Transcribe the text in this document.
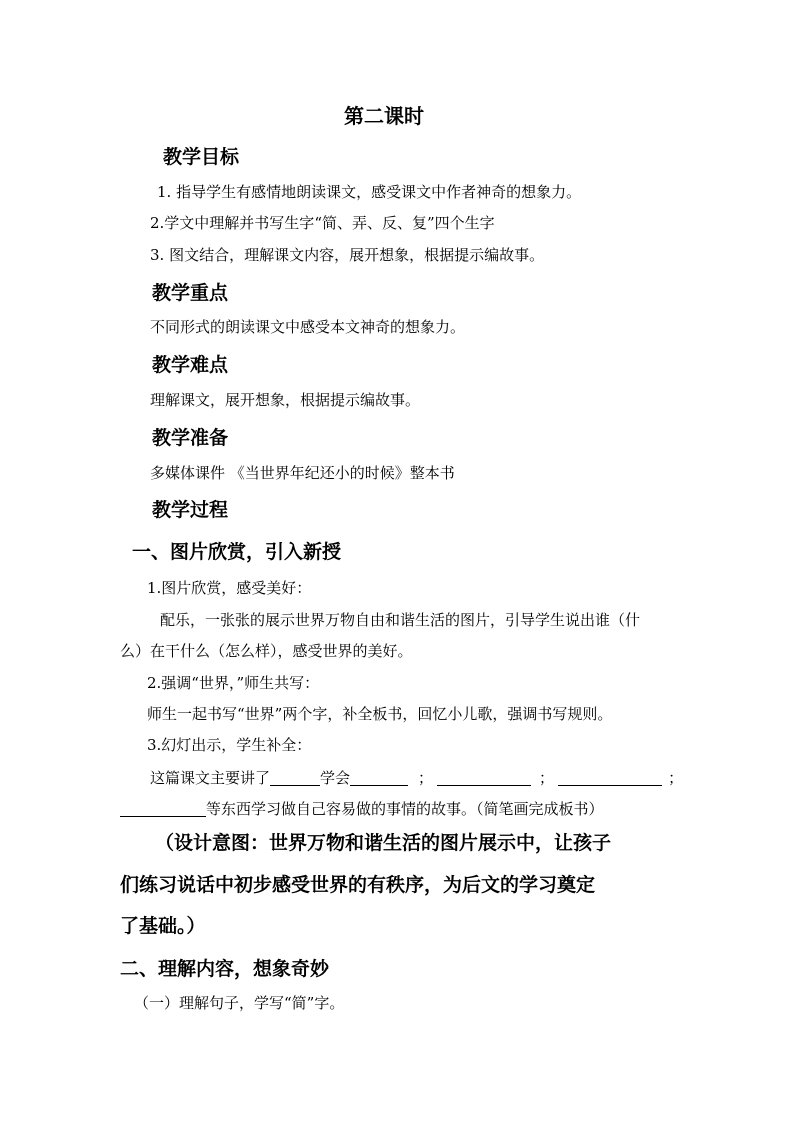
第二课时
教学目标
1. 指导学生有感情地朗读课文，感受课文中作者神奇的想象力。
2.学文中理解并书写生字“简、弄、反、复”四个生字
3. 图文结合，理解课文内容，展开想象，根据提示编故事。
教学重点
不同形式的朗读课文中感受本文神奇的想象力。
教学难点
理解课文，展开想象，根据提示编故事。
教学准备
多媒体课件 《当世界年纪还小的时候》整本书
教学过程
一、图片欣赏，引入新授
1.图片欣赏，感受美好：
配乐，一张张的展示世界万物自由和谐生活的图片，引导学生说出谁（什
么）在干什么（怎么样），感受世界的美好。
2.强调“世界，”师生共写：
师生一起书写“世界”两个字，补全板书，回忆小儿歌，强调书写规则。
3.幻灯出示，学生补全：
这篇课文主要讲了	学会	；	；	；
等东西学习做自己容易做的事情的故事。（简笔画完成板书）
（设计意图：世界万物和谐生活的图片展示中，让孩子
们练习说话中初步感受世界的有秩序，为后文的学习奠定
了基础。）
二、理解内容，想象奇妙
（一）理解句子，学写“简”字。
